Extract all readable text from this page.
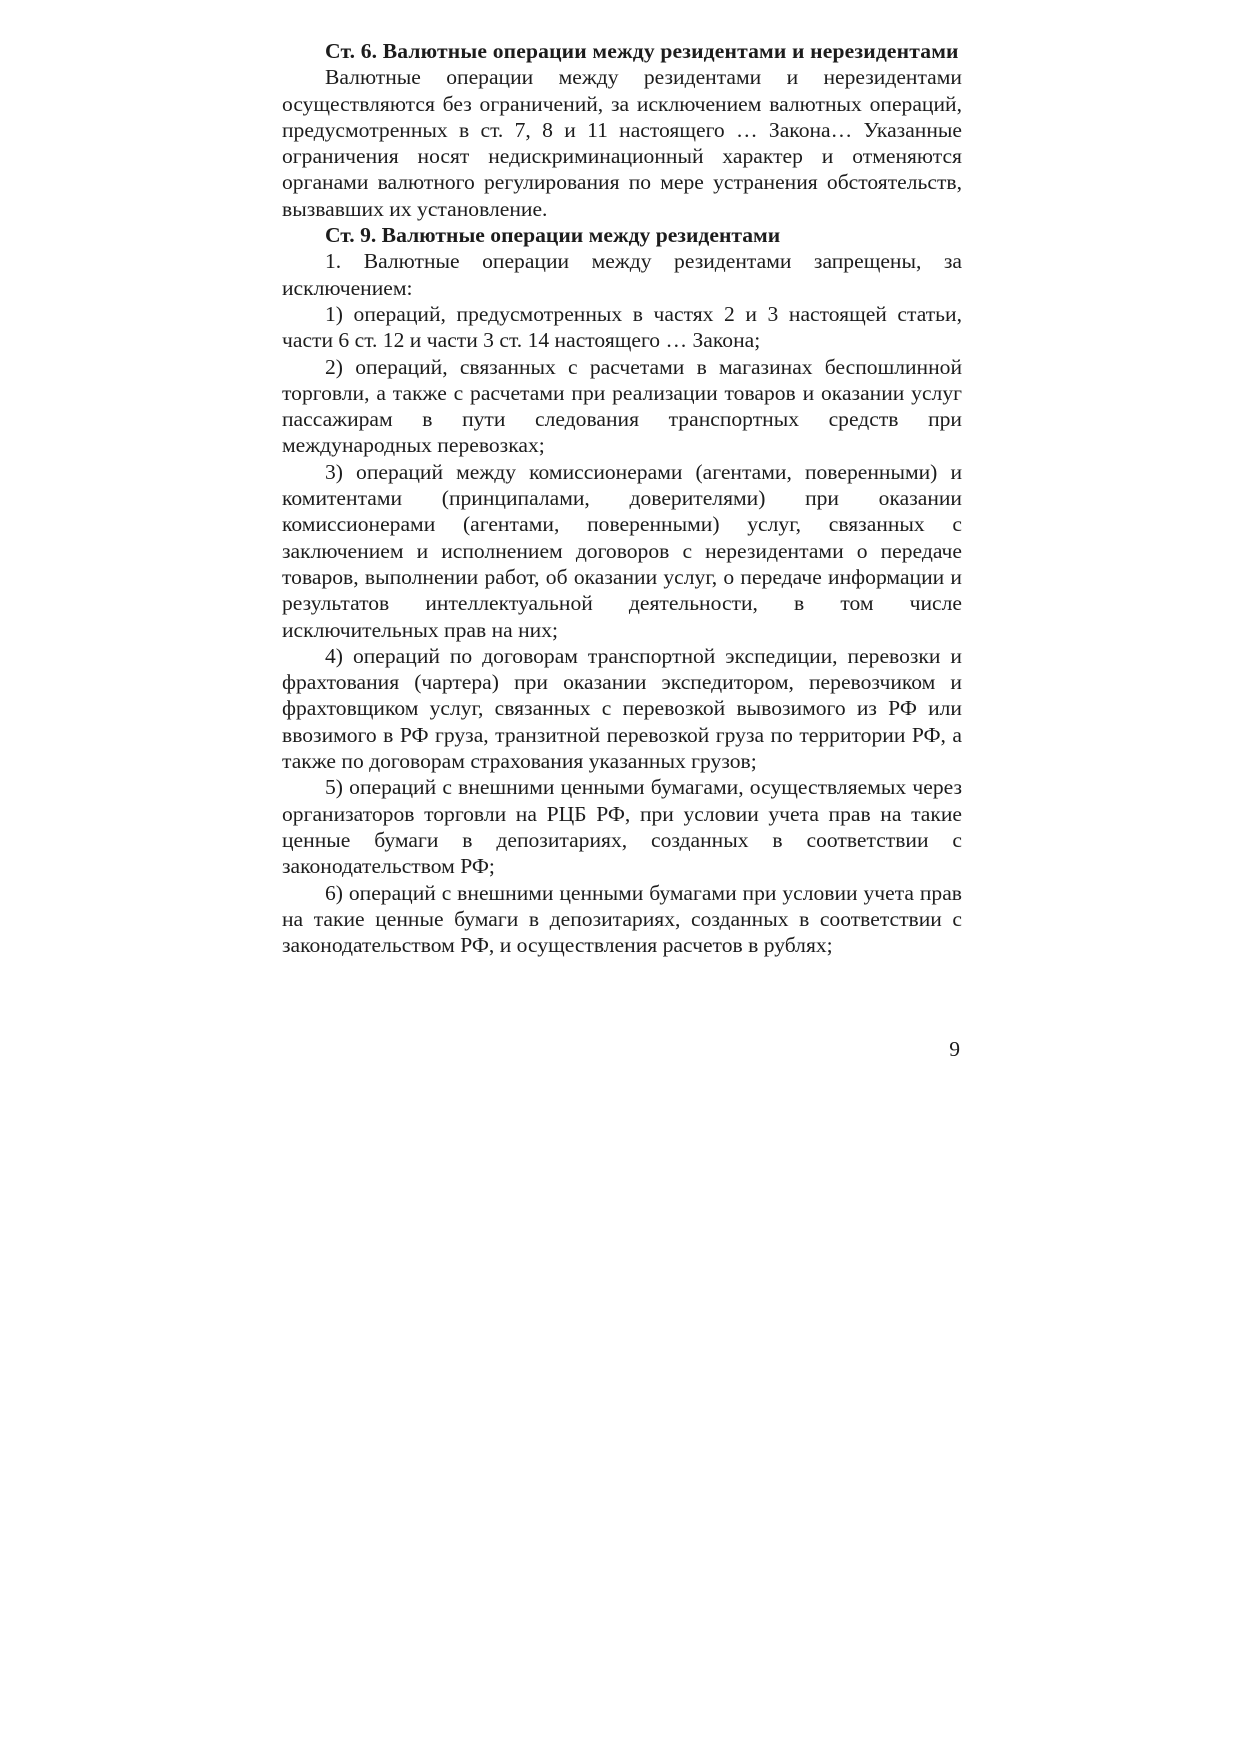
Ст. 6. Валютные операции между резидентами и нерезидентами

Валютные операции между резидентами и нерезидентами осуществляются без ограничений, за исключением валютных операций, предусмотренных в ст. 7, 8 и 11 настоящего … Закона… Указанные ограничения носят недискриминационный характер и отменяются органами валютного регулирования по мере устранения обстоятельств, вызвавших их установление.

Ст. 9. Валютные операции между резидентами

1. Валютные операции между резидентами запрещены, за исключением:

1) операций, предусмотренных в частях 2 и 3 настоящей статьи, части 6 ст. 12 и части 3 ст. 14 настоящего … Закона;

2) операций, связанных с расчетами в магазинах беспошлинной торговли, а также с расчетами при реализации товаров и оказании услуг пассажирам в пути следования транспортных средств при международных перевозках;

3) операций между комиссионерами (агентами, поверенными) и комитентами (принципалами, доверителями) при оказании комиссионерами (агентами, поверенными) услуг, связанных с заключением и исполнением договоров с нерезидентами о передаче товаров, выполнении работ, об оказании услуг, о передаче информации и результатов интеллектуальной деятельности, в том числе исключительных прав на них;

4) операций по договорам транспортной экспедиции, перевозки и фрахтования (чартера) при оказании экспедитором, перевозчиком и фрахтовщиком услуг, связанных с перевозкой вывозимого из РФ или ввозимого в РФ груза, транзитной перевозкой груза по территории РФ, а также по договорам страхования указанных грузов;

5) операций с внешними ценными бумагами, осуществляемых через организаторов торговли на РЦБ РФ, при условии учета прав на такие ценные бумаги в депозитариях, созданных в соответствии с законодательством РФ;

6) операций с внешними ценными бумагами при условии учета прав на такие ценные бумаги в депозитариях, созданных в соответствии с законодательством РФ, и осуществления расчетов в рублях;

9
